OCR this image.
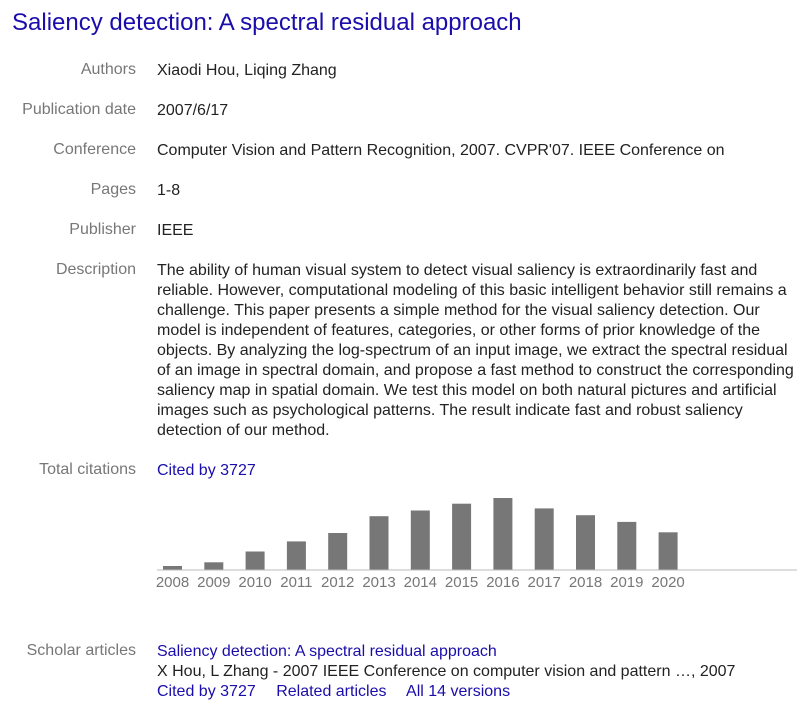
Saliency detection: A spectral residual approach
Authors Xiaodi Hou, Liqing Zhang
Publication date 2007/6/17
Conference Computer Vision and Pattern Recognition, 2007. CVPR'07. IEEE Conference on
Pages 1-8
Publisher IEEE
Description The ability of human visual system to detect visual saliency is extraordinarily fast and reliable. However, computational modeling of this basic intelligent behavior still remains a challenge. This paper presents a simple method for the visual saliency detection. Our model is independent of features, categories, or other forms of prior knowledge of the objects. By analyzing the log-spectrum of an input image, we extract the spectral residual of an image in spectral domain, and propose a fast method to construct the corresponding saliency map in spatial domain. We test this model on both natural pictures and artificial images such as psychological patterns. The result indicate fast and robust saliency detection of our method.
Total citations Cited by 3727
2008 2009 2010 2011 2012 2013 2014 2015 2016 2017 2018 2019 2020
Scholar articles Saliency detection: A spectral residual approach
X Hou, L Zhang - 2007 IEEE Conference on computer vision and pattern …, 2007
Cited by 3727 Related articles All 14 versions
